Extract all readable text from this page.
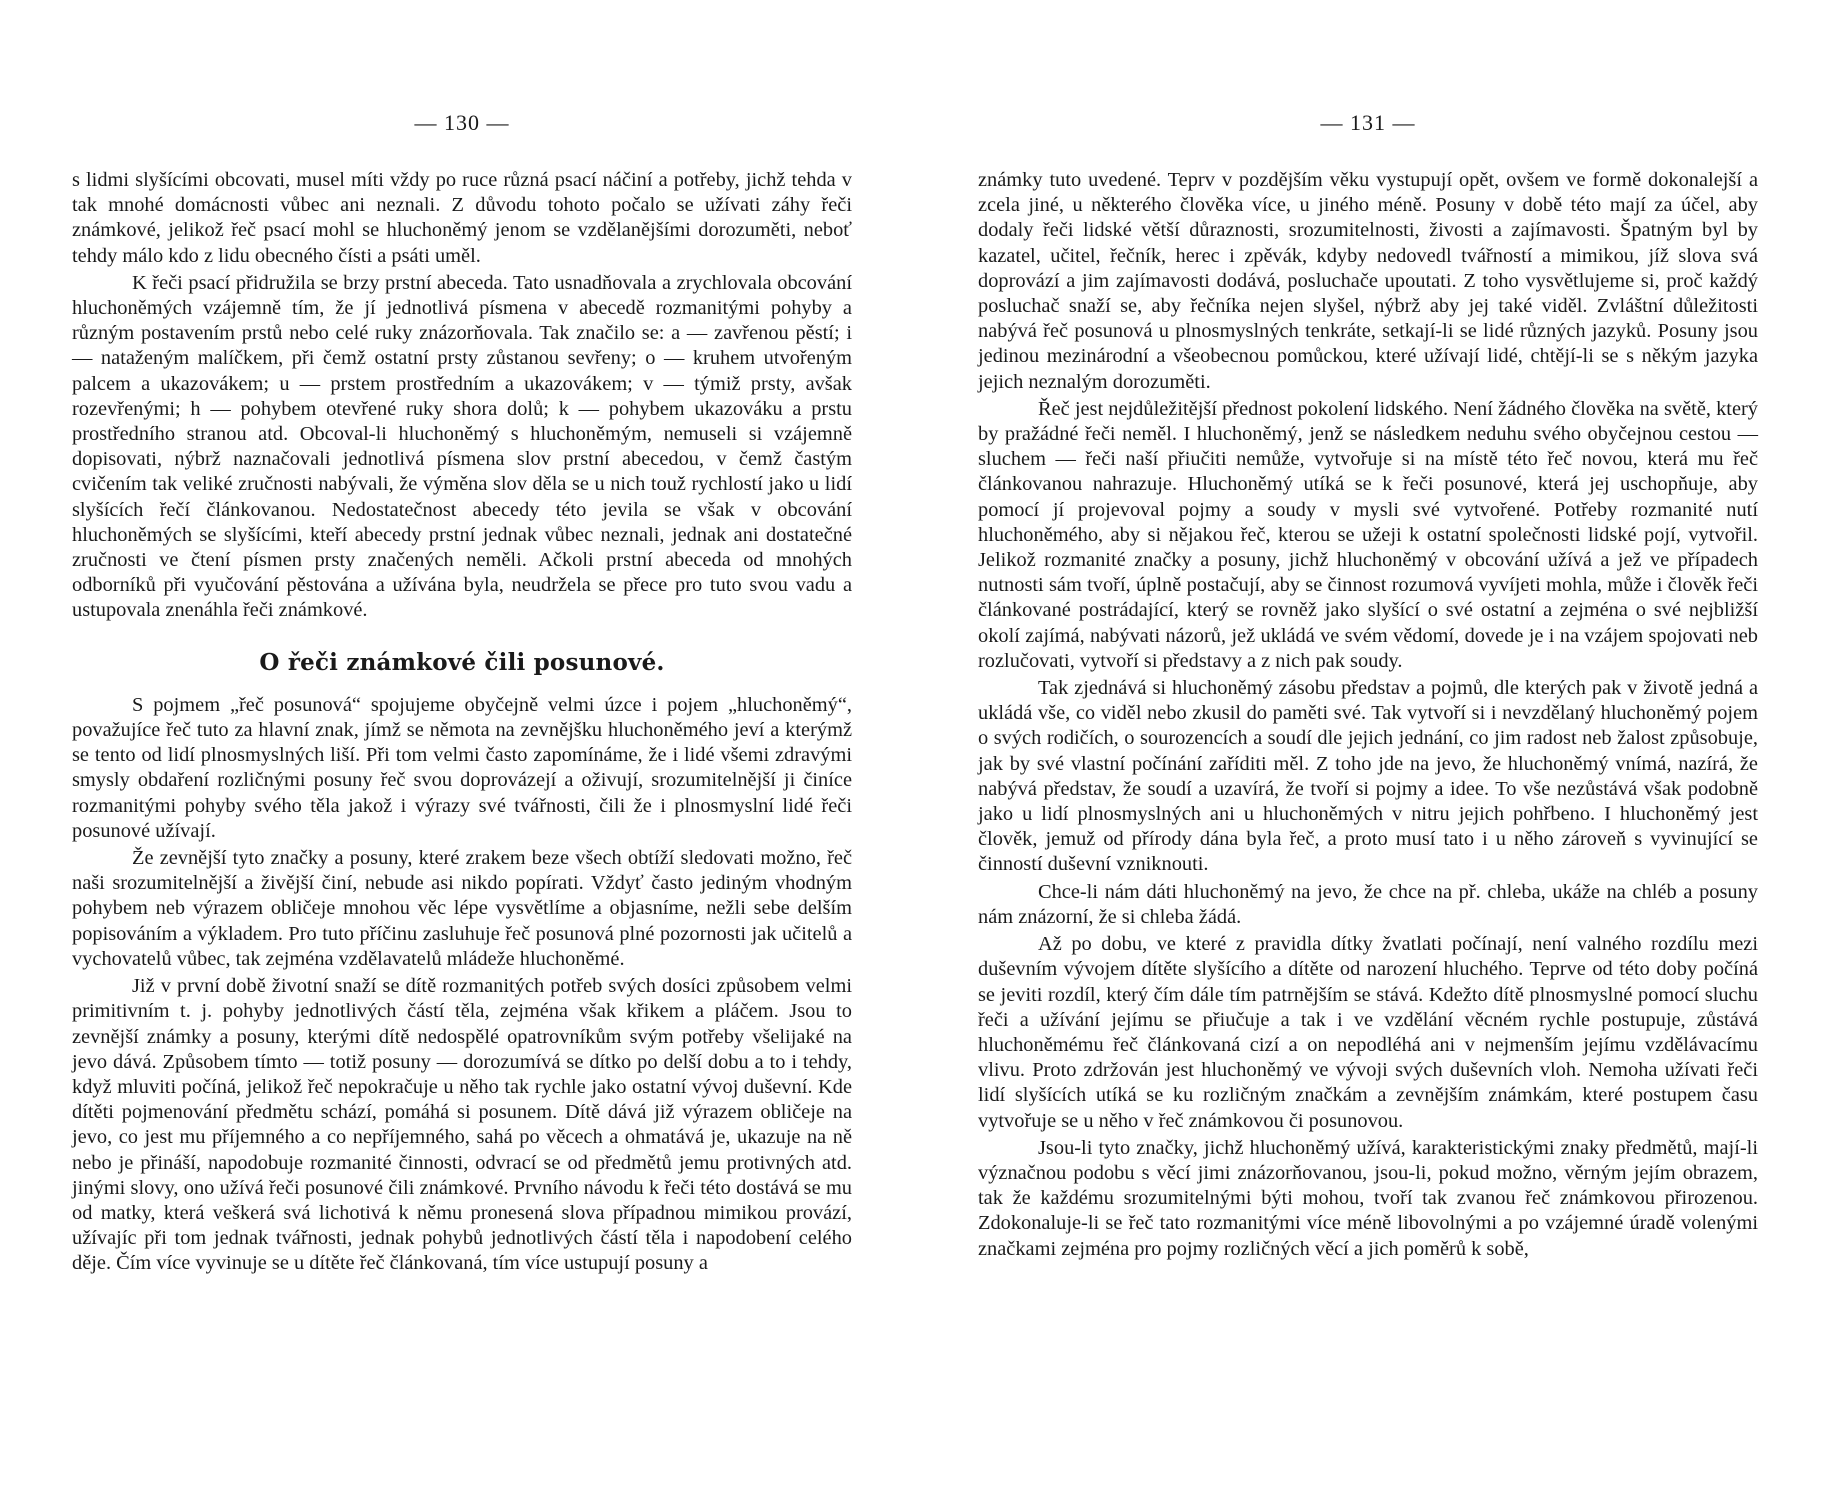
— 130 —

s lidmi slyšícími obcovati, musel míti vždy po ruce různá psací náčiní a potřeby, jichž tehda v tak mnohé domácnosti vůbec ani neznali. Z důvodu tohoto počalo se užívati záhy řeči známkové, jelikož řeč psací mohl se hluchoněmý jenom se vzdělanějšími dorozuměti, neboť tehdy málo kdo z lidu obecného čísti a psáti uměl.

K řeči psací přidružila se brzy prstní abeceda. Tato usnadňovala a zrychlovala obcování hluchoněmých vzájemně tím, že jí jednotlivá písmena v abecedě rozmanitými pohyby a různým postavením prstů nebo celé ruky znázorňovala. Tak značilo se: a — zavřenou pěstí; i — nataženým malíčkem, při čemž ostatní prsty zůstanou sevřeny; o — kruhem utvořeným palcem a ukazovákem; u — prstem prostředním a ukazovákem; v — týmiž prsty, avšak rozevřenými; h — pohybem otevřené ruky shora dolů; k — pohybem ukazováku a prstu prostředního stranou atd. Obcoval-li hluchoněmý s hluchoněmým, nemuseli si vzájemně dopisovati, nýbrž naznačovali jednotlivá písmena slov prstní abecedou, v čemž častým cvičením tak veliké zručnosti nabývali, že výměna slov děla se u nich touž rychlostí jako u lidí slyšících řečí článkovanou. Nedostatečnost abecedy této jevila se však v obcování hluchoněmých se slyšícími, kteří abecedy prstní jednak vůbec neznali, jednak ani dostatečné zručnosti ve čtení písmen prsty značených neměli. Ačkoli prstní abeceda od mnohých odborníků při vyučování pěstována a užívána byla, neudržela se přece pro tuto svou vadu a ustupovala znenáhla řeči známkové.

O řeči známkové čili posunové.

S pojmem „řeč posunová“ spojujeme obyčejně velmi úzce i pojem „hluchoněmý“, považujíce řeč tuto za hlavní znak, jímž se němota na zevnějšku hluchoněmého jeví a kterýmž se tento od lidí plnosmyslných liší. Při tom velmi často zapomínáme, že i lidé všemi zdravými smysly obdaření rozličnými posuny řeč svou doprovázejí a oživují, srozumitelnější ji činíce rozmanitými pohyby svého těla jakož i výrazy své tvářnosti, čili že i plnosmyslní lidé řeči posunové užívají.

Že zevnější tyto značky a posuny, které zrakem beze všech obtíží sledovati možno, řeč naši srozumitelnější a živější činí, nebude asi nikdo popírati. Vždyť často jediným vhodným pohybem neb výrazem obličeje mnohou věc lépe vysvětlíme a objasníme, nežli sebe delším popisováním a výkladem. Pro tuto příčinu zasluhuje řeč posunová plné pozornosti jak učitelů a vychovatelů vůbec, tak zejména vzdělavatelů mládeže hluchoněmé.

Již v první době životní snaží se dítě rozmanitých potřeb svých dosíci způsobem velmi primitivním t. j. pohyby jednotlivých částí těla, zejména však křikem a pláčem. Jsou to zevnější známky a posuny, kterými dítě nedospělé opatrovníkům svým potřeby všelijaké na jevo dává. Způsobem tímto — totiž posuny — dorozumívá se dítko po delší dobu a to i tehdy, když mluviti počíná, jelikož řeč nepokračuje u něho tak rychle jako ostatní vývoj duševní. Kde dítěti pojmenování předmětu schází, pomáhá si posunem. Dítě dává již výrazem obličeje na jevo, co jest mu příjemného a co nepříjemného, sahá po věcech a ohmatává je, ukazuje na ně nebo je přináší, napodobuje rozmanité činnosti, odvrací se od předmětů jemu protivných atd. jinými slovy, ono užívá řeči posunové čili známkové. Prvního návodu k řeči této dostává se mu od matky, která veškerá svá lichotivá k němu pronesená slova případnou mimikou provází, užívajíc při tom jednak tvářnosti, jednak pohybů jednotlivých částí těla i napodobení celého děje. Čím více vyvinuje se u dítěte řeč článkovaná, tím více ustupují posuny a

— 131 —

známky tuto uvedené. Teprv v pozdějším věku vystupují opět, ovšem ve formě dokonalejší a zcela jiné, u některého člověka více, u jiného méně. Posuny v době této mají za účel, aby dodaly řeči lidské větší důraznosti, srozumitelnosti, živosti a zajímavosti. Špatným byl by kazatel, učitel, řečník, herec i zpěvák, kdyby nedovedl tvářností a mimikou, jíž slova svá doprovází a jim zajímavosti dodává, posluchače upoutati. Z toho vysvětlujeme si, proč každý posluchač snaží se, aby řečníka nejen slyšel, nýbrž aby jej také viděl. Zvláštní důležitosti nabývá řeč posunová u plnosmyslných tenkráte, setkají-li se lidé různých jazyků. Posuny jsou jedinou mezinárodní a všeobecnou pomůckou, které užívají lidé, chtějí-li se s někým jazyka jejich neznalým dorozuměti.

Řeč jest nejdůležitější přednost pokolení lidského. Není žádného člověka na světě, který by pražádné řeči neměl. I hluchoněmý, jenž se následkem neduhu svého obyčejnou cestou — sluchem — řeči naší přiučiti nemůže, vytvořuje si na místě této řeč novou, která mu řeč článkovanou nahrazuje. Hluchoněmý utíká se k řeči posunové, která jej uschopňuje, aby pomocí jí projevoval pojmy a soudy v mysli své vytvořené. Potřeby rozmanité nutí hluchoněmého, aby si nějakou řeč, kterou se užeji k ostatní společnosti lidské pojí, vytvořil. Jelikož rozmanité značky a posuny, jichž hluchoněmý v obcování užívá a jež ve případech nutnosti sám tvoří, úplně postačují, aby se činnost rozumová vyvíjeti mohla, může i člověk řeči článkované postrádající, který se rovněž jako slyšící o své ostatní a zejména o své nejbližší okolí zajímá, nabývati názorů, jež ukládá ve svém vědomí, dovede je i na vzájem spojovati neb rozlučovati, vytvoří si představy a z nich pak soudy.

Tak zjednává si hluchoněmý zásobu představ a pojmů, dle kterých pak v životě jedná a ukládá vše, co viděl nebo zkusil do paměti své. Tak vytvoří si i nevzdělaný hluchoněmý pojem o svých rodičích, o sourozencích a soudí dle jejich jednání, co jim radost neb žalost způsobuje, jak by své vlastní počínání zaříditi měl. Z toho jde na jevo, že hluchoněmý vnímá, nazírá, že nabývá představ, že soudí a uzavírá, že tvoří si pojmy a idee. To vše nezůstává však podobně jako u lidí plnosmyslných ani u hluchoněmých v nitru jejich pohřbeno. I hluchoněmý jest člověk, jemuž od přírody dána byla řeč, a proto musí tato i u něho zároveň s vyvinující se činností duševní vzniknouti.

Chce-li nám dáti hluchoněmý na jevo, že chce na př. chleba, ukáže na chléb a posuny nám znázorní, že si chleba žádá.

Až po dobu, ve které z pravidla dítky žvatlati počínají, není valného rozdílu mezi duševním vývojem dítěte slyšícího a dítěte od narození hluchého. Teprve od této doby počíná se jeviti rozdíl, který čím dále tím patrnějším se stává. Kdežto dítě plnosmyslné pomocí sluchu řeči a užívání jejímu se přiučuje a tak i ve vzdělání věcném rychle postupuje, zůstává hluchoněmému řeč článkovaná cizí a on nepodléhá ani v nejmenším jejímu vzdělávacímu vlivu. Proto zdržován jest hluchoněmý ve vývoji svých duševních vloh. Nemoha užívati řeči lidí slyšících utíká se ku rozličným značkám a zevnějším známkám, které postupem času vytvořuje se u něho v řeč známkovou či posunovou.

Jsou-li tyto značky, jichž hluchoněmý užívá, karakteristickými znaky předmětů, mají-li význačnou podobu s věcí jimi znázorňovanou, jsou-li, pokud možno, věrným jejím obrazem, tak že každému srozumitelnými býti mohou, tvoří tak zvanou řeč známkovou přirozenou. Zdokonaluje-li se řeč tato rozmanitými více méně libovolnými a po vzájemné úradě volenými značkami zejména pro pojmy rozličných věcí a jich poměrů k sobě,
